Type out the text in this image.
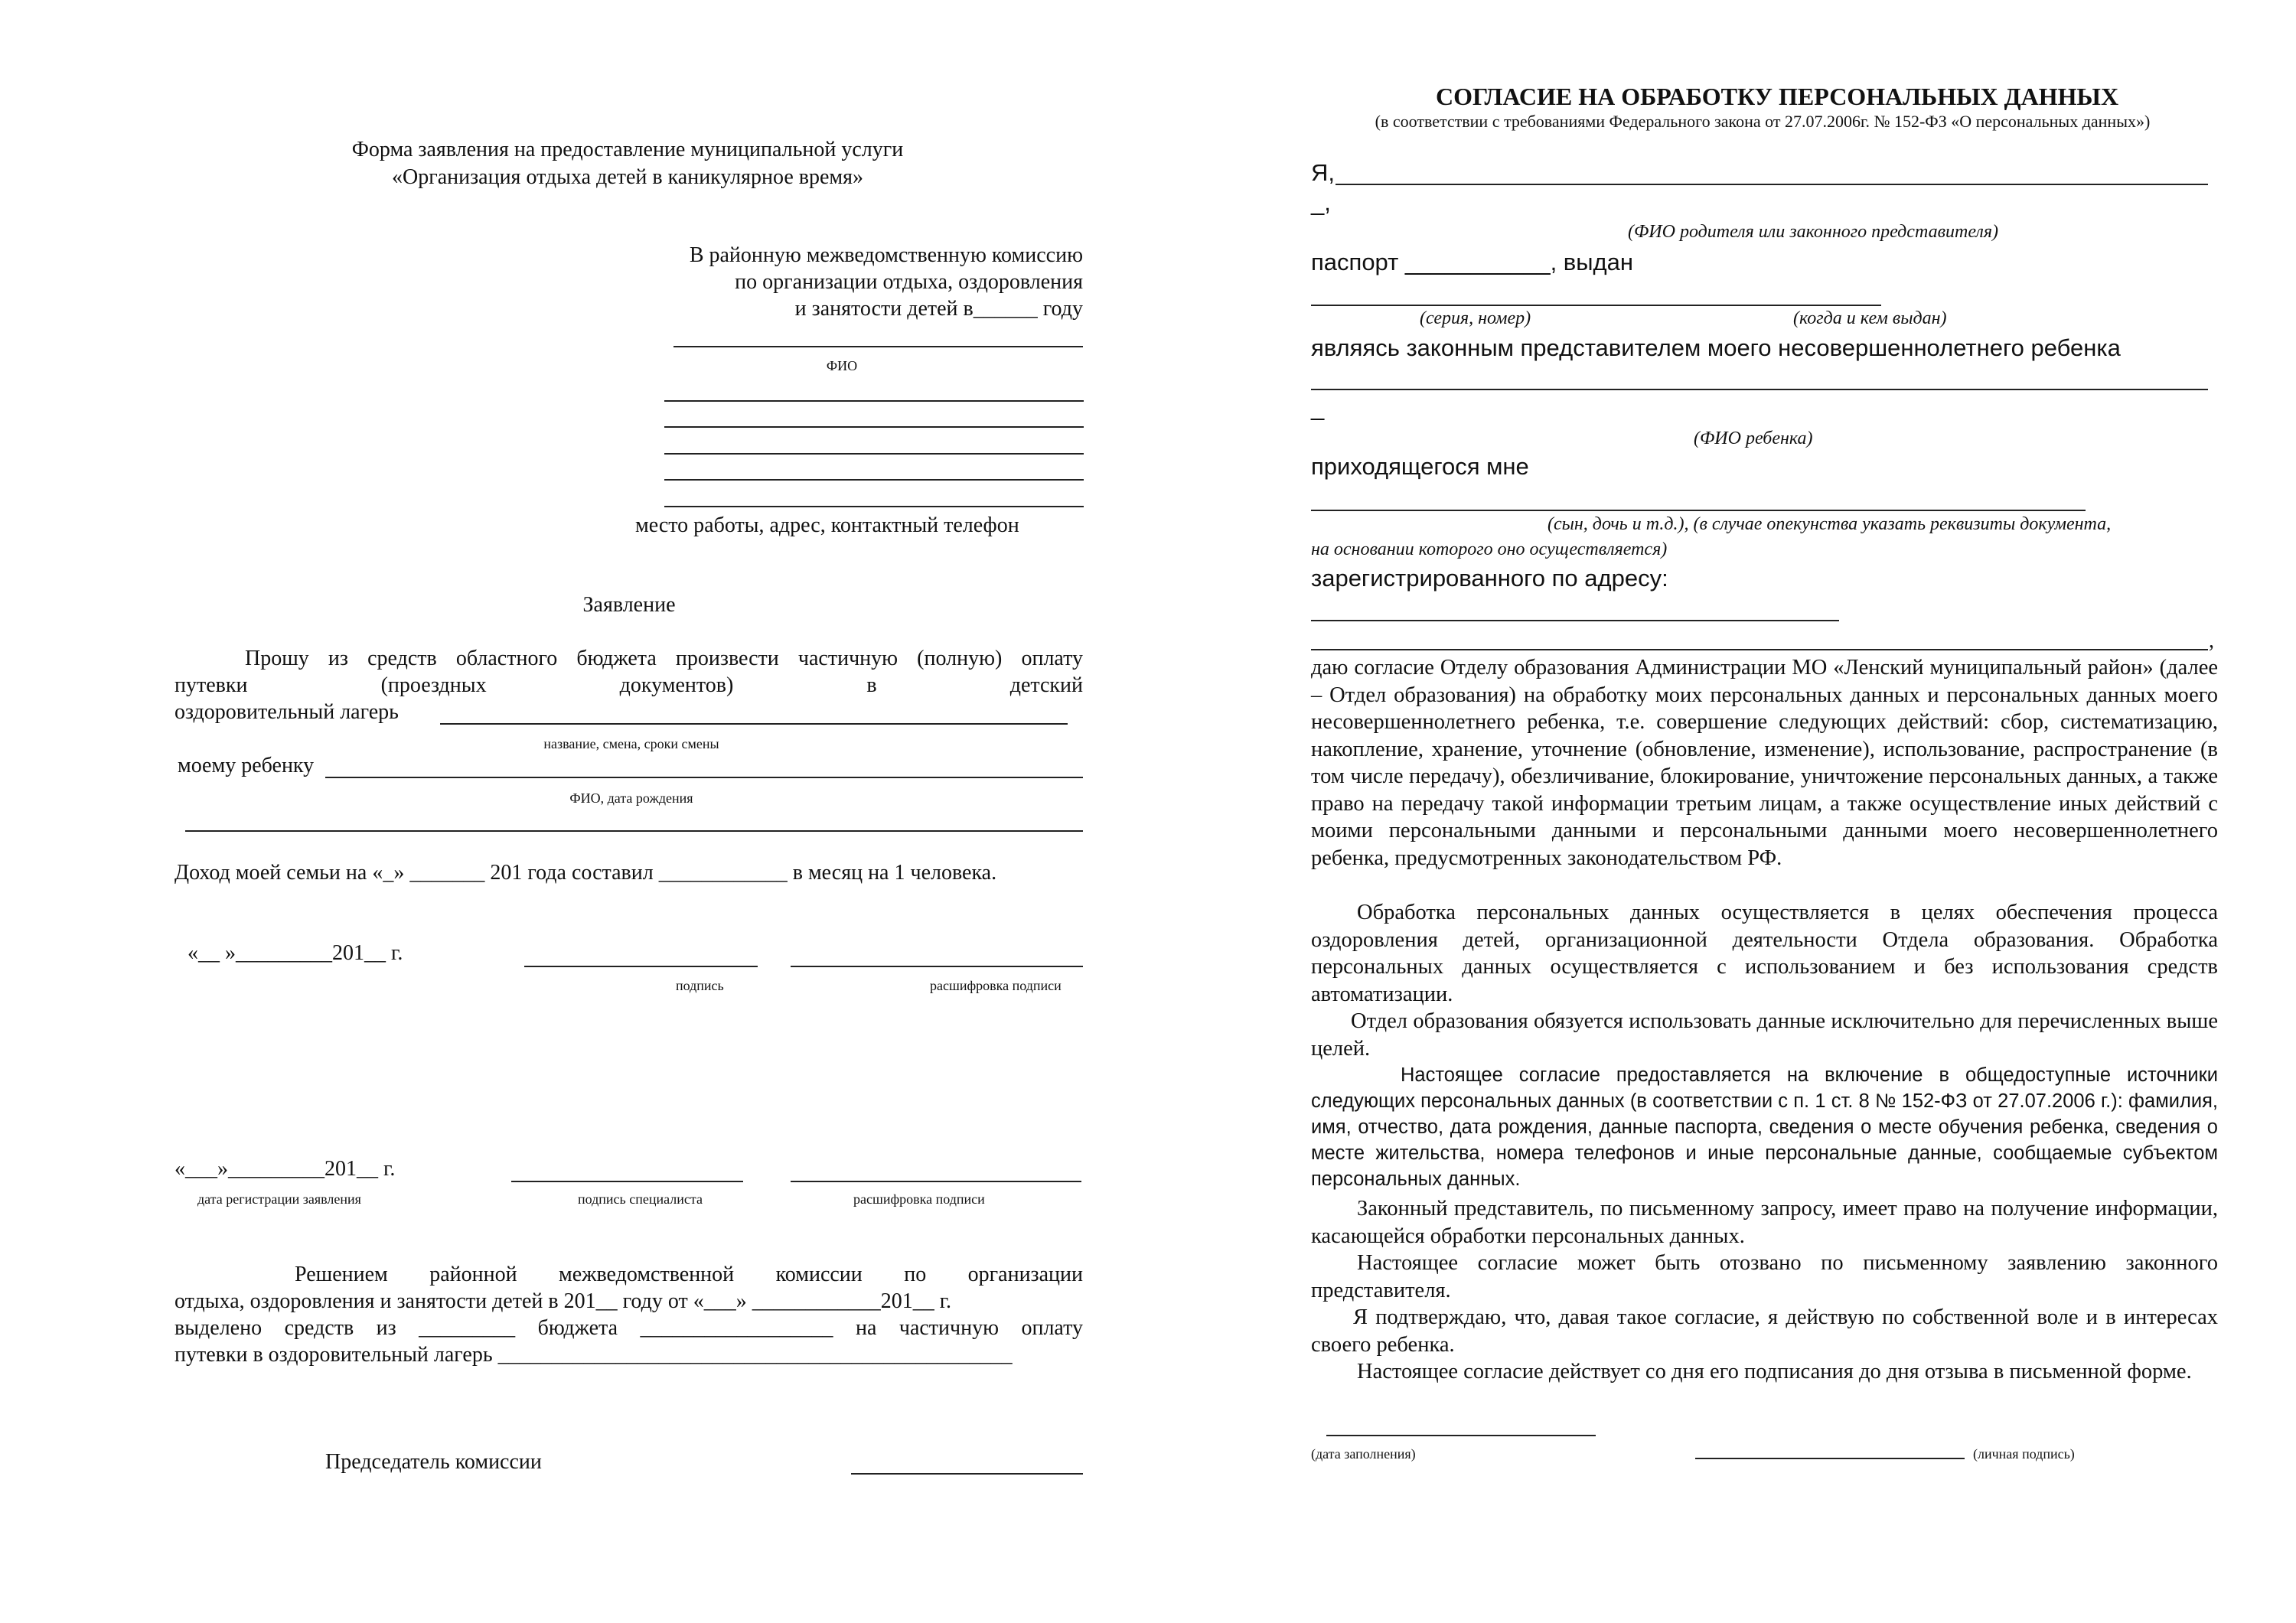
Форма заявления на предоставление муниципальной услуги
«Организация отдыха детей в каникулярное время»
В районную межведомственную комиссию
по организации отдыха, оздоровления
и занятости детей в______ году
ФИО
место работы, адрес, контактный телефон
Заявление
Прошу из средств областного бюджета произвести частичную (полную) оплату
путевки (проездных документов) в детский
оздоровительный лагерь
название, смена, сроки смены
моему ребенку
ФИО, дата рождения
Доход моей семьи на «_» _______ 201 года составил ____________ в месяц на 1 человека.
«__ »_________201__ г.
подпись	расшифровка подписи
«___»_________201__ г.
дата регистрации заявления	подпись специалиста	расшифровка подписи
Решением районной межведомственной комиссии по организации
отдыха, оздоровления и занятости детей в 201__ году от «___» ____________201__ г.
выделено средств из _________ бюджета __________________ на частичную оплату
путевки в оздоровительный лагерь ________________________________________________
Председатель комиссии
СОГЛАСИЕ НА ОБРАБОТКУ ПЕРСОНАЛЬНЫХ ДАННЫХ
(в соответствии с требованиями Федерального закона от 27.07.2006г. № 152-ФЗ «О персональных данных»)
Я,
_,
(ФИО родителя или законного представителя)
паспорт ___________, выдан
(серия, номер)	(когда и кем выдан)
являясь законным представителем моего несовершеннолетнего ребенка
_
(ФИО ребенка)
приходящегося мне
(сын, дочь и т.д.), (в случае опекунства указать реквизиты документа,
на основании которого оно осуществляется)
зарегистрированного по адресу:
,
даю согласие Отделу образования Администрации МО «Ленский муниципальный район» (далее – Отдел образования) на обработку моих персональных данных и персональных данных моего несовершеннолетнего ребенка, т.е. совершение следующих действий: сбор, систематизацию, накопление, хранение, уточнение (обновление, изменение), использование, распространение (в том числе передачу), обезличивание, блокирование, уничтожение персональных данных, а также право на передачу такой информации третьим лицам, а также осуществление иных действий с моими персональными данными и персональными данными моего несовершеннолетнего ребенка, предусмотренных законодательством РФ.
Обработка персональных данных осуществляется в целях обеспечения процесса оздоровления детей, организационной деятельности Отдела образования. Обработка персональных данных осуществляется с использованием и без использования средств автоматизации.
Отдел образования обязуется использовать данные исключительно для перечисленных выше целей.
Настоящее согласие предоставляется на включение в общедоступные источники следующих персональных данных (в соответствии с п. 1 ст. 8 № 152-ФЗ от 27.07.2006 г.): фамилия, имя, отчество, дата рождения, данные паспорта, сведения о месте обучения ребенка, сведения о месте жительства, номера телефонов и иные персональные данные, сообщаемые субъектом персональных данных.
Законный представитель, по письменному запросу, имеет право на получение информации, касающейся обработки персональных данных.
Настоящее согласие может быть отозвано по письменному заявлению законного представителя.
Я подтверждаю, что, давая такое согласие, я действую по собственной воле и в интересах своего ребенка.
Настоящее согласие действует со дня его подписания до дня отзыва в письменной форме.
(дата заполнения)	(личная подпись)
